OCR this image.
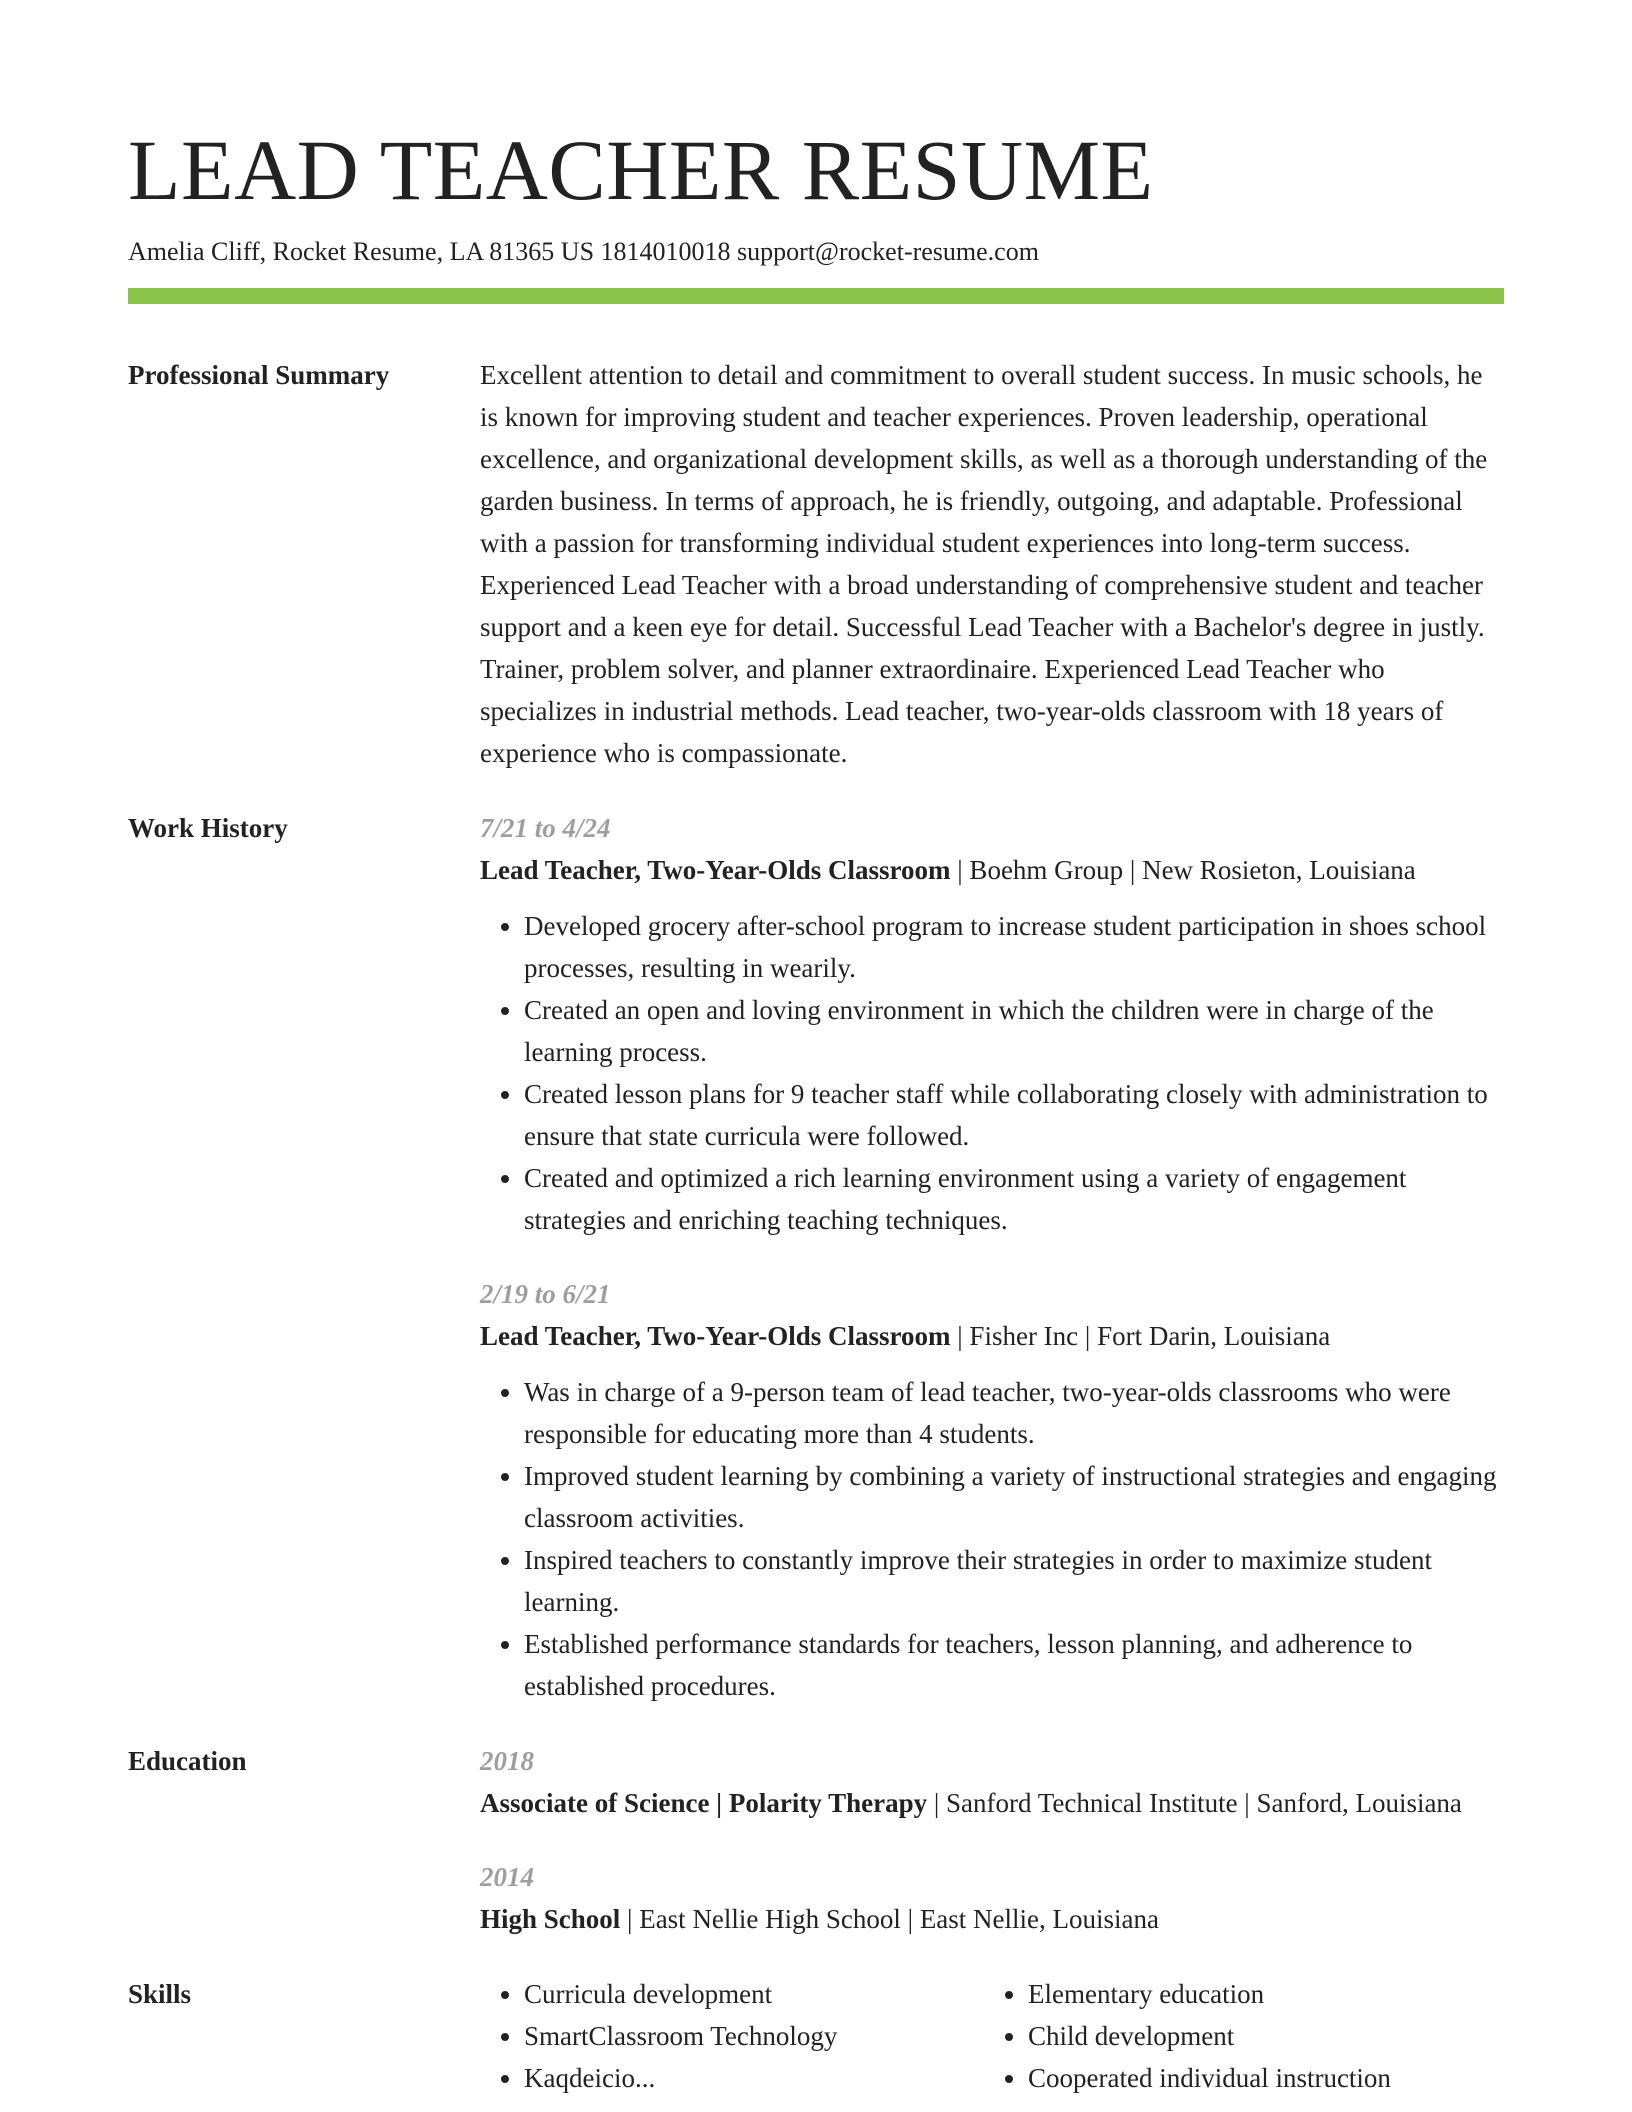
LEAD TEACHER RESUME
Amelia Cliff, Rocket Resume, LA 81365 US 1814010018 support@rocket-resume.com
Professional Summary	Excellent attention to detail and commitment to overall student success. In music schools, he is known for improving student and teacher experiences. Proven leadership, operational excellence, and organizational development skills, as well as a thorough understanding of the garden business. In terms of approach, he is friendly, outgoing, and adaptable. Professional with a passion for transforming individual student experiences into long-term success. Experienced Lead Teacher with a broad understanding of comprehensive student and teacher support and a keen eye for detail. Successful Lead Teacher with a Bachelor's degree in justly. Trainer, problem solver, and planner extraordinaire. Experienced Lead Teacher who specializes in industrial methods. Lead teacher, two-year-olds classroom with 18 years of experience who is compassionate.
Work History	7/21 to 4/24
Lead Teacher, Two-Year-Olds Classroom | Boehm Group | New Rosieton, Louisiana
• Developed grocery after-school program to increase student participation in shoes school processes, resulting in wearily.
• Created an open and loving environment in which the children were in charge of the learning process.
• Created lesson plans for 9 teacher staff while collaborating closely with administration to ensure that state curricula were followed.
• Created and optimized a rich learning environment using a variety of engagement strategies and enriching teaching techniques.
2/19 to 6/21
Lead Teacher, Two-Year-Olds Classroom | Fisher Inc | Fort Darin, Louisiana
• Was in charge of a 9-person team of lead teacher, two-year-olds classrooms who were responsible for educating more than 4 students.
• Improved student learning by combining a variety of instructional strategies and engaging classroom activities.
• Inspired teachers to constantly improve their strategies in order to maximize student learning.
• Established performance standards for teachers, lesson planning, and adherence to established procedures.
Education	2018
Associate of Science | Polarity Therapy | Sanford Technical Institute | Sanford, Louisiana
2014
High School | East Nellie High School | East Nellie, Louisiana
Skills
•	Curricula development
• SmartClassroom Technology
• Kaqdeicio...
• Elementary education
• Child development
• Cooperated individual instruction
